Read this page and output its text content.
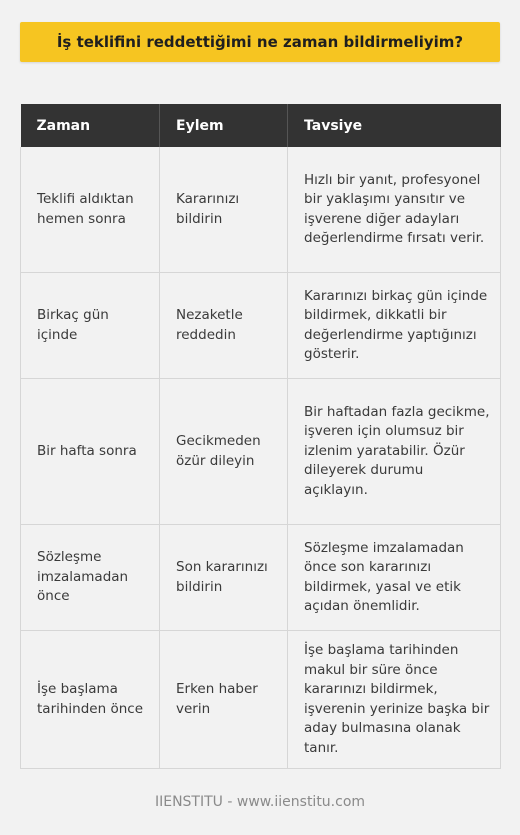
İş teklifini reddettiğimi ne zaman bildirmeliyim?
Zaman	Eylem	Tavsiye
Teklifi aldıktan hemen sonra	Kararınızı bildirin	Hızlı bir yanıt, profesyonel bir yaklaşımı yansıtır ve işverene diğer adayları değerlendirme fırsatı verir.
Birkaç gün içinde	Nezaketle reddedin	Kararınızı birkaç gün içinde bildirmek, dikkatli bir değerlendirme yaptığınızı gösterir.
Bir hafta sonra	Gecikmeden özür dileyin	Bir haftadan fazla gecikme, işveren için olumsuz bir izlenim yaratabilir. Özür dileyerek durumu açıklayın.
Sözleşme imzalamadan önce	Son kararınızı bildirin	Sözleşme imzalamadan önce son kararınızı bildirmek, yasal ve etik açıdan önemlidir.
İşe başlama tarihinden önce	Erken haber verin	İşe başlama tarihinden makul bir süre önce kararınızı bildirmek, işverenin yerinize başka bir aday bulmasına olanak tanır.
IIENSTITU - www.iienstitu.com
